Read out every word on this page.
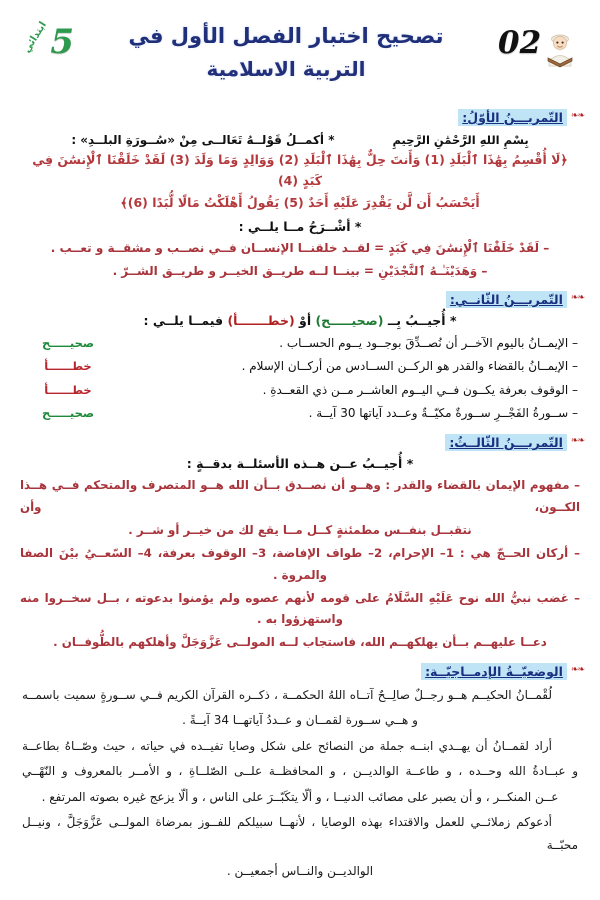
5
ابتدائي	تصحيح اختبار الفصل الأول في
التربية الاسلامية
02
❧❧
التّمريـــنُ الأوّلُ:
بِسْمِ اللهِ الرَّحْمَٰنِ الرَّحِيمِ
* أكمــلُ قَوْلــهُ تَعَالــى مِنْ «سُــورَةِ البلــدِ» :
﴿لَا أُقْسِمُ بِهَٰذَا ٱلْبَلَدِ (1) وَأَنتَ حِلٌّ بِهَٰذَا ٱلْبَلَدِ (2) وَوَالِدٍ وَمَا وَلَدَ (3) لَقَدْ خَلَقْنَا ٱلْإِنسَٰنَ فِي كَبَدٍ (4)
أَيَحْسَبُ أَن لَّن يَقْدِرَ عَلَيْهِ أَحَدٌ (5) يَقُولُ أَهْلَكْتُ مَالًا لُّبَدًا (6)﴾
* أشْــرَحُ مــا يلــي :
– لَقَدْ خَلَقْنَا ٱلْإِنسَٰنَ فِي كَبَدٍ = لقــد خلقنــا الإنســان فــي نصــب و مشقــة و تعــب .
– وَهَدَيْنَـٰـهُ ٱلنَّجْدَيْنِ = بينــا لــه طريــق الخيــر و طريــق الشــرّ .
❧❧
التّمريـــنُ الثّانــي:
* أُجيــبُ بِــ (صحيـــــح) أوْ (خطـــــــأ) فيمــا يلــي :
– الإيمــانُ باليوم الآخــر أن نُصــدِّقَ بوجــود يــوم الحســاب .
صحيـــــح
– الإيمــانُ بالقضاء والقدر هو الركــن الســادس من أركــان الإسلام .
خطــــــأ
– الوقوف بعرفة يكــون فــي اليــوم العاشــر مــن ذي القعــدةِ .
خطــــــأ
– ســورةُ الفَجْــرِ ســورةٌ مكيّــةٌ وعــدد آياتها 30 آيــة .
صحيـــــح
❧❧
التّمريـــنُ الثّالــثُ:
* أُجيــبُ عــن هــذه الأسئلــة بدقــةٍ :
– مفهوم الإيمان بالقضاء والقدر : وهــو أن نصــدق بــأن الله هــو المتصرف والمتحكم فــي هــذا الكــون، وأن
نتقبــل بنفــس مطمئنةٍ كــل مــا يقع لك من خيــر أو شــر .
– أركان الحــجّ هي : 1– الإحرام، 2– طواف الإفاضة، 3– الوقوف بعرفة، 4– السّعــيُ بيْنَ الصفا والمروة .
– غضب نبيُّ الله نوح عَلَيْهِ السَّلَامُ على قومه لأنهم عصوه ولم يؤمنوا بدعوته ، بــل سخــروا منه واستهزؤوا به .
دعــا عليهــم بــأن يهلكهــم الله، فاستجاب لــه المولــى عَزَّوَجَلَّ وأهلكهم بالطُّوفــان .
❧❧
الوضعيّــةُ الإدمــاجيّــة:
لُقْمــانُ الحكيــم هــو رجــلٌ صالِــحٌ آتــاه اللهُ الحكمــة ، ذكــره القرآن الكريم فــي ســورةٍ سميت باسمــه
و هــي ســورة لقمــان و عــددُ آياتهــا 34 آيــةً .
أراد لقمــانُ أن يهــدي ابنــه جملة من النصائح على شكل وصايا تفيــده في حياته ، حيث وصّــاهُ بطاعــة
و عبــادةُ الله وحــده ، و طاعــة الوالديــن ، و المحافظــة علــى الصّلــاةِ ، و الأمــر بالمعروف و النّهْــي
عــن المنكــر ، و أن يصبر على مصائب الدنيــا ، و ألّا يتكَبّــرَ على الناس ، و ألّا يزعج غيره بصوته المرتفع .
أدعوكم زملائــي للعمل والاقتداء بهذه الوصايا ، لأنهــا سبيلكم للفــوز بمرضاة المولــى عَزَّوَجَلَّ ، ونيــل محبّــة
الوالديــن والنــاس أجمعيــن .
